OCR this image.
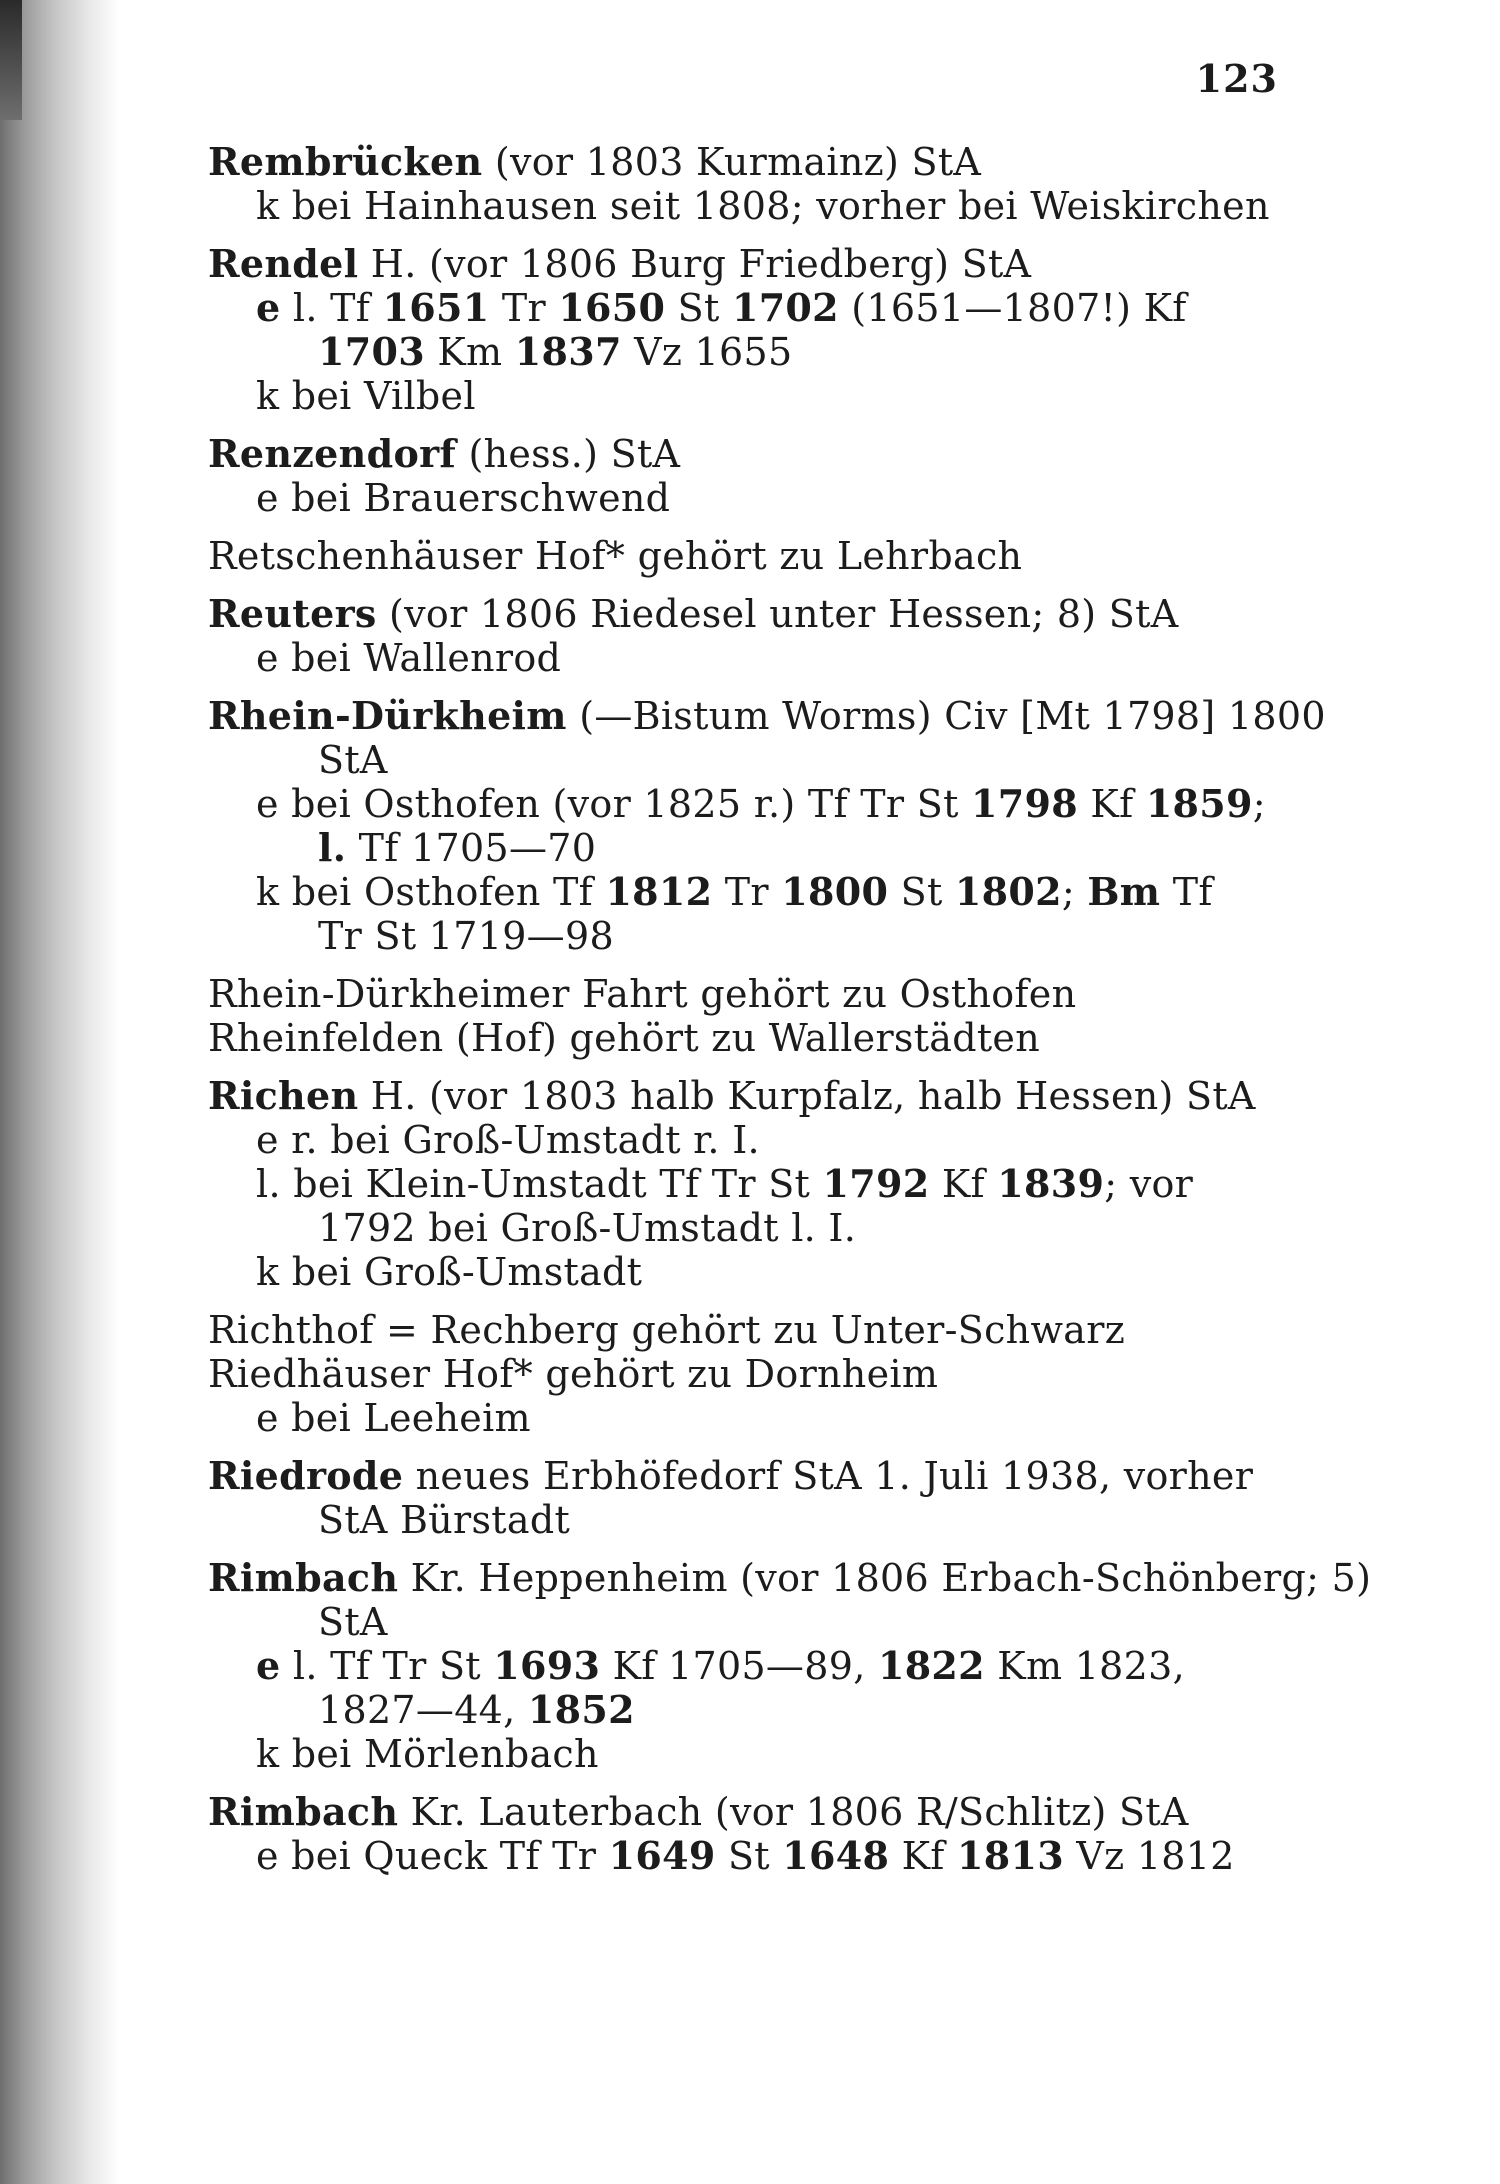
123
Rembrücken (vor 1803 Kurmainz) StA
k bei Hainhausen seit 1808; vorher bei Weiskirchen
Rendel H. (vor 1806 Burg Friedberg) StA
e l. Tf 1651 Tr 1650 St 1702 (1651—1807!) Kf
1703 Km 1837 Vz 1655
k bei Vilbel
Renzendorf (hess.) StA
e bei Brauerschwend
Retschenhäuser Hof* gehört zu Lehrbach
Reuters (vor 1806 Riedesel unter Hessen; 8) StA
e bei Wallenrod
Rhein-Dürkheim (—Bistum Worms) Civ [Mt 1798] 1800
StA
e bei Osthofen (vor 1825 r.) Tf Tr St 1798 Kf 1859;
l. Tf 1705—70
k bei Osthofen Tf 1812 Tr 1800 St 1802; Bm Tf
Tr St 1719—98
Rhein-Dürkheimer Fahrt gehört zu Osthofen
Rheinfelden (Hof) gehört zu Wallerstädten
Richen H. (vor 1803 halb Kurpfalz, halb Hessen) StA
e r. bei Groß-Umstadt r. I.
l. bei Klein-Umstadt Tf Tr St 1792 Kf 1839; vor
1792 bei Groß-Umstadt l. I.
k bei Groß-Umstadt
Richthof = Rechberg gehört zu Unter-Schwarz
Riedhäuser Hof* gehört zu Dornheim
e bei Leeheim
Riedrode neues Erbhöfedorf StA 1. Juli 1938, vorher
StA Bürstadt
Rimbach Kr. Heppenheim (vor 1806 Erbach-Schönberg; 5)
StA
e l. Tf Tr St 1693 Kf 1705—89, 1822 Km 1823,
1827—44, 1852
k bei Mörlenbach
Rimbach Kr. Lauterbach (vor 1806 R/Schlitz) StA
e bei Queck Tf Tr 1649 St 1648 Kf 1813 Vz 1812
